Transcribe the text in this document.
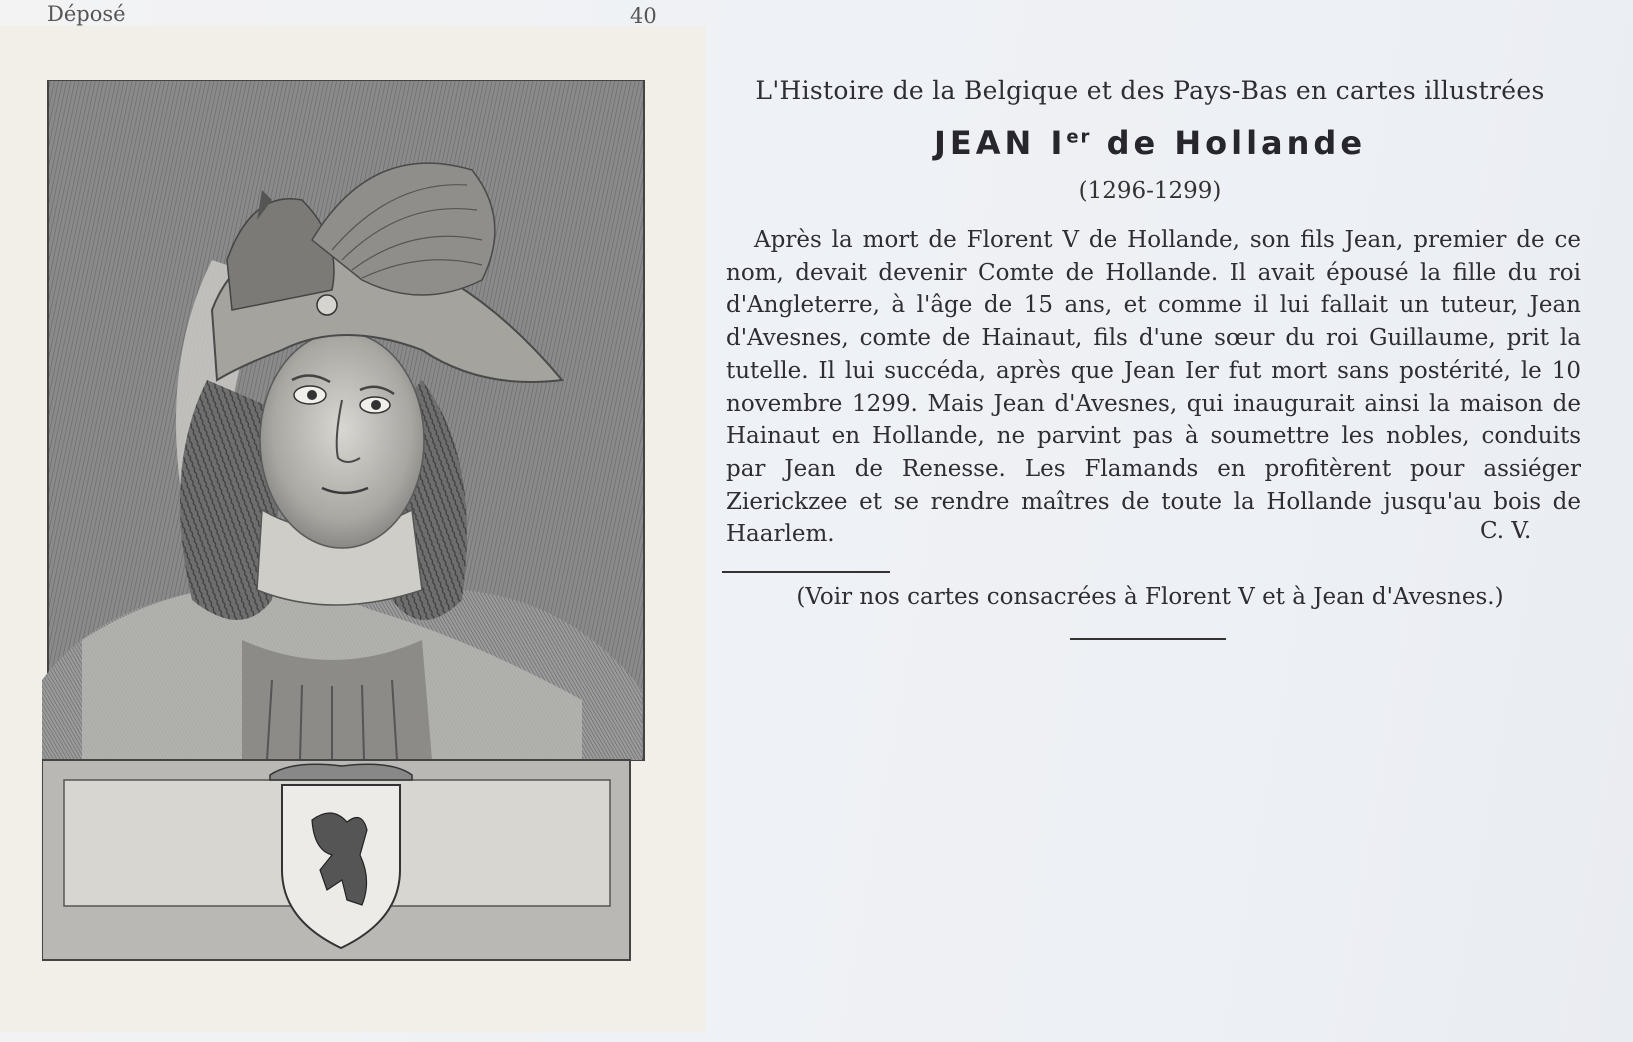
Déposé	40
L'Histoire de la Belgique et des Pays-Bas en cartes illustrées
JEAN Ier de Hollande
(1296-1299)
Après la mort de Florent V de Hollande, son fils Jean, premier de ce nom, devait devenir Comte de Hollande. Il avait épousé la fille du roi d'Angleterre, à l'âge de 15 ans, et comme il lui fallait un tuteur, Jean d'Avesnes, comte de Hainaut, fils d'une sœur du roi Guillaume, prit la tutelle. Il lui succéda, après que Jean Ier fut mort sans postérité, le 10 novembre 1299. Mais Jean d'Avesnes, qui inaugurait ainsi la maison de Hainaut en Hollande, ne parvint pas à soumettre les nobles, conduits par Jean de Renesse. Les Flamands en profitèrent pour assiéger Zierickzee et se rendre maîtres de toute la Hollande jusqu'au bois de Haarlem.	C. V.
(Voir nos cartes consacrées à Florent V et à Jean d'Avesnes.)
